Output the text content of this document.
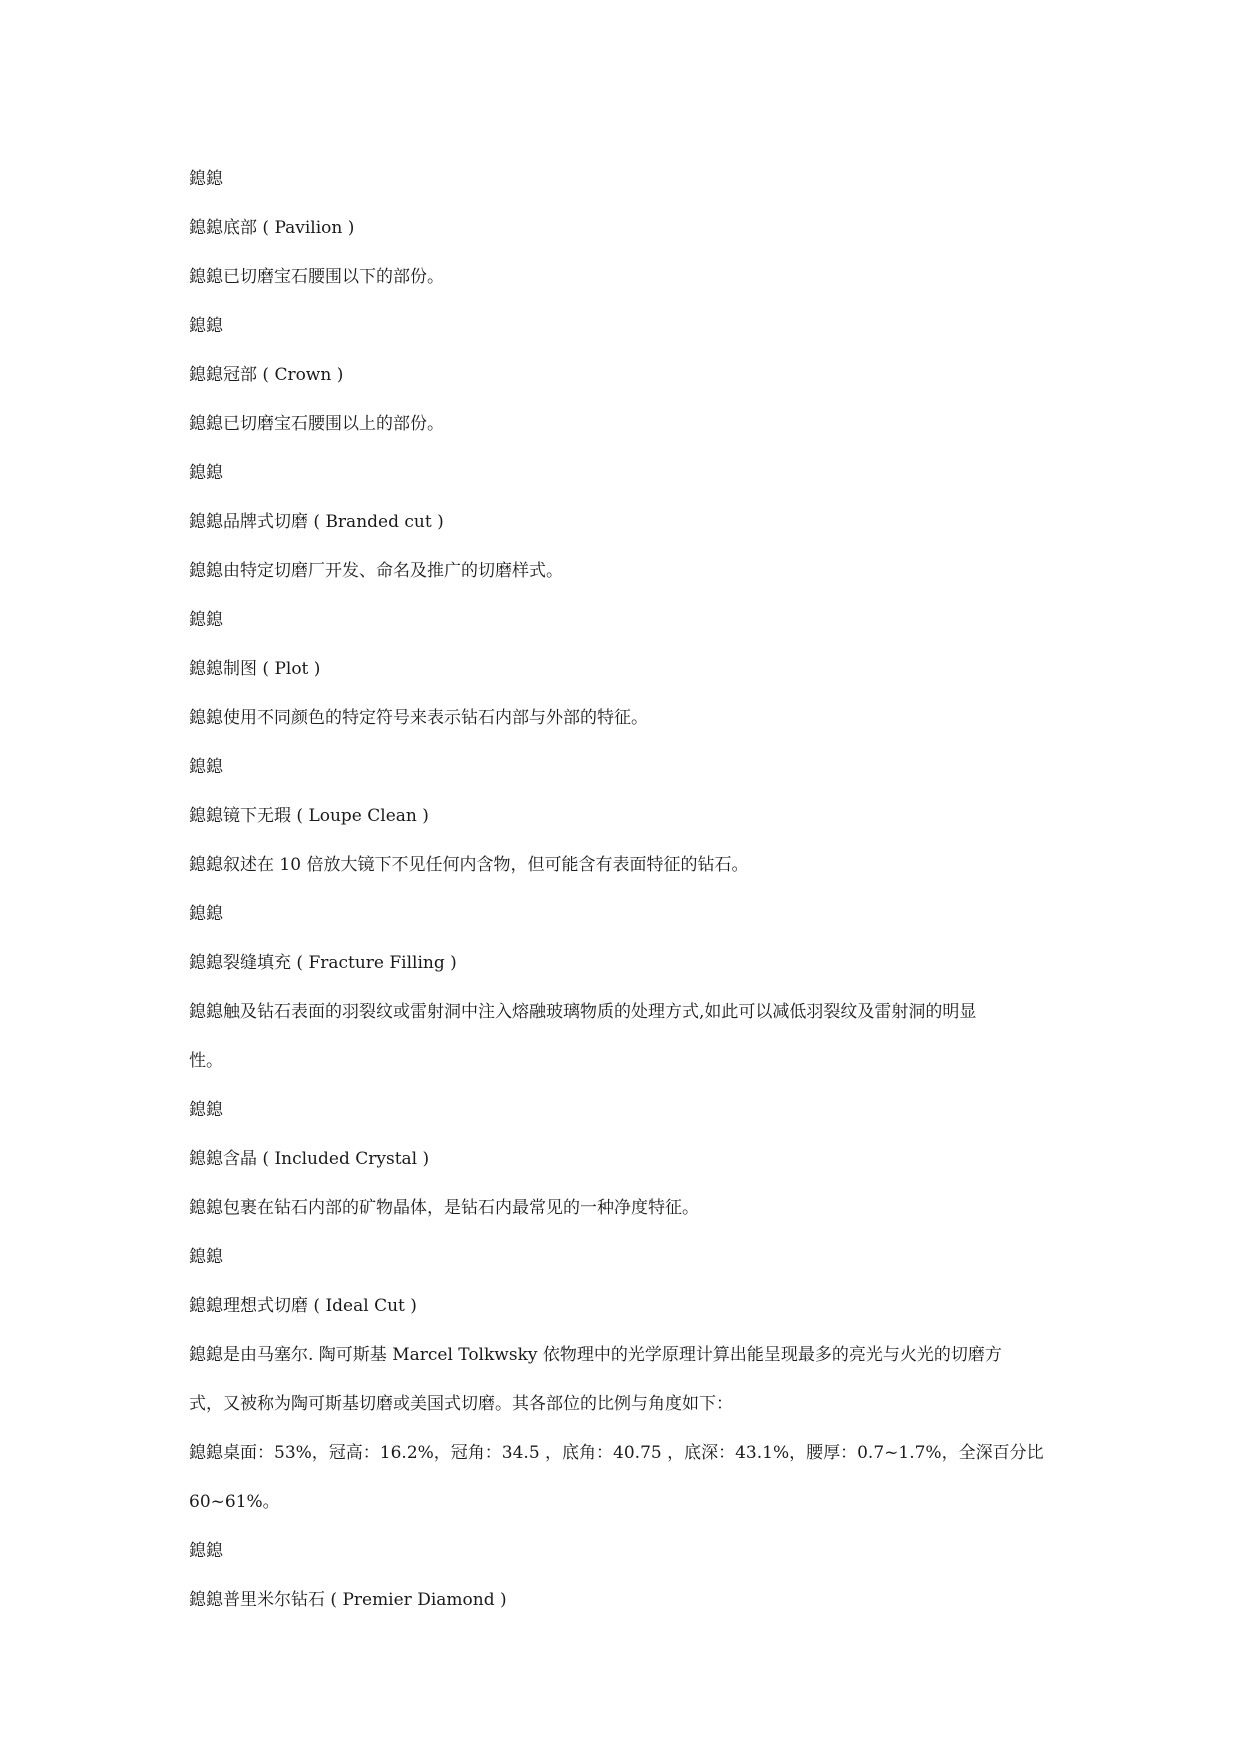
鎴鎴
鎴鎴底部 ( Pavilion )
鎴鎴已切磨宝石腰围以下的部份。
鎴鎴
鎴鎴冠部 ( Crown )
鎴鎴已切磨宝石腰围以上的部份。
鎴鎴
鎴鎴品牌式切磨 ( Branded cut )
鎴鎴由特定切磨厂开发、命名及推广的切磨样式。
鎴鎴
鎴鎴制图 ( Plot )
鎴鎴使用不同颜色的特定符号来表示钻石内部与外部的特征。
鎴鎴
鎴鎴镜下无瑕 ( Loupe Clean )
鎴鎴叙述在 10 倍放大镜下不见任何内含物，但可能含有表面特征的钻石。
鎴鎴
鎴鎴裂缝填充 ( Fracture Filling )
鎴鎴触及钻石表面的羽裂纹或雷射洞中注入熔融玻璃物质的处理方式,如此可以减低羽裂纹及雷射洞的明显
性。
鎴鎴
鎴鎴含晶 ( Included Crystal )
鎴鎴包裹在钻石内部的矿物晶体，是钻石内最常见的一种净度特征。
鎴鎴
鎴鎴理想式切磨 ( Ideal Cut )
鎴鎴是由马塞尔. 陶可斯基 Marcel Tolkwsky 依物理中的光学原理计算出能呈现最多的亮光与火光的切磨方
式，又被称为陶可斯基切磨或美国式切磨。其各部位的比例与角度如下：
鎴鎴桌面：53%，冠高：16.2%，冠角：34.5 ，底角：40.75 ，底深：43.1%，腰厚：0.7~1.7%，全深百分比
60~61%。
鎴鎴
鎴鎴普里米尔钻石 ( Premier Diamond )
